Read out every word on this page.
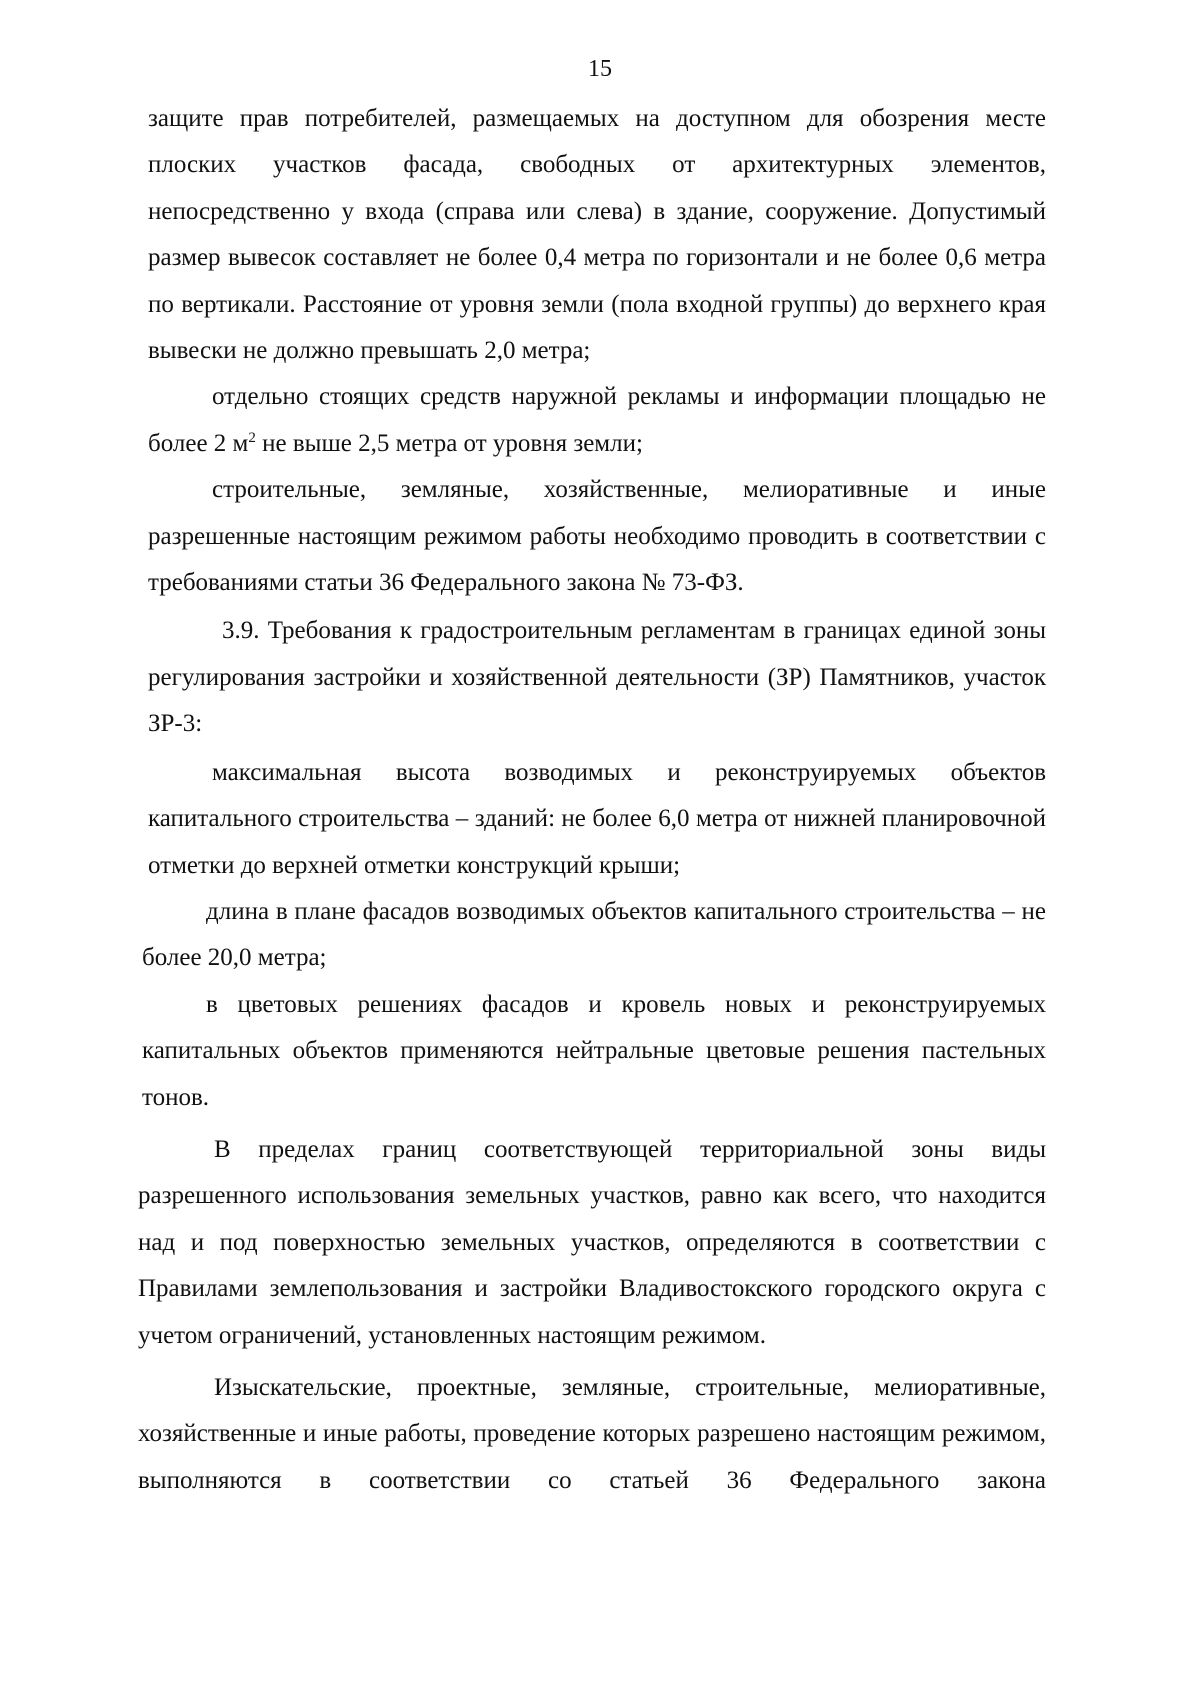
15

защите прав потребителей, размещаемых на доступном для обозрения месте плоских участков фасада, свободных от архитектурных элементов, непосредственно у входа (справа или слева) в здание, сооружение. Допустимый размер вывесок составляет не более 0,4 метра по горизонтали и не более 0,6 метра по вертикали. Расстояние от уровня земли (пола входной группы) до верхнего края вывески не должно превышать 2,0 метра;

отдельно стоящих средств наружной рекламы и информации площадью не более 2 $м^2$ не выше 2,5 метра от уровня земли;

строительные, земляные, хозяйственные, мелиоративные и иные разрешенные настоящим режимом работы необходимо проводить в соответствии с требованиями статьи 36 Федерального закона № 73-ФЗ.

3.9. Требования к градостроительным регламентам в границах единой зоны регулирования застройки и хозяйственной деятельности (ЗР) Памятников, участок ЗР-3:

максимальная высота возводимых и реконструируемых объектов капитального строительства – зданий: не более 6,0 метра от нижней планировочной отметки до верхней отметки конструкций крыши;

длина в плане фасадов возводимых объектов капитального строительства – не более 20,0 метра;

в цветовых решениях фасадов и кровель новых и реконструируемых капитальных объектов применяются нейтральные цветовые решения пастельных тонов.

В пределах границ соответствующей территориальной зоны виды разрешенного использования земельных участков, равно как всего, что находится над и под поверхностью земельных участков, определяются в соответствии с Правилами землепользования и застройки Владивостокского городского округа с учетом ограничений, установленных настоящим режимом.

Изыскательские, проектные, земляные, строительные, мелиоративные, хозяйственные и иные работы, проведение которых разрешено настоящим режимом, выполняются в соответствии со статьей 36 Федерального закона
